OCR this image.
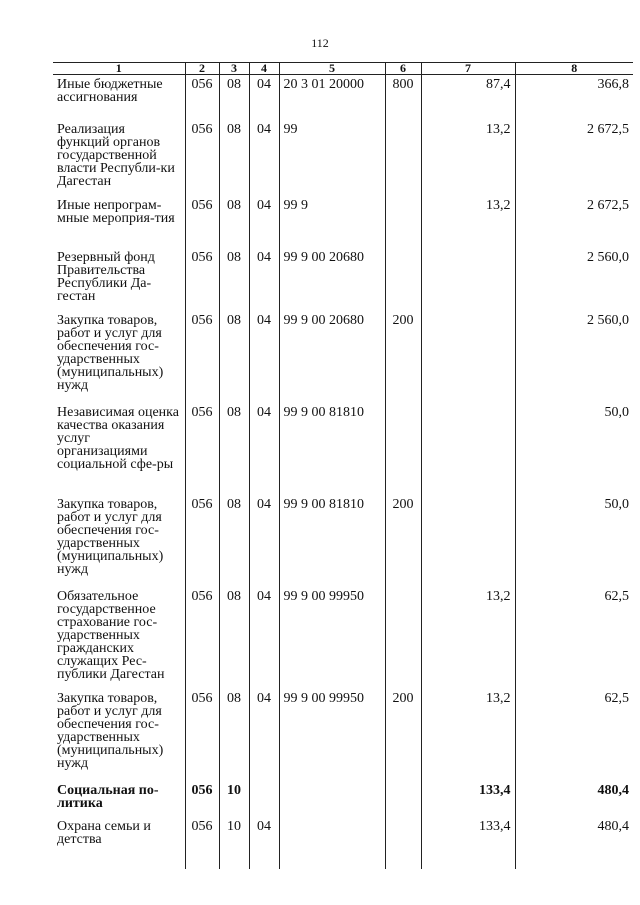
112
1	2	3	4	5	6	7	8
Иные бюджетные ассигнования	056	08	04	20 3 01 20000	800	87,4	366,8
Реализация функций органов государственной власти Республи-ки Дагестан	056	08	04	99		13,2	2 672,5
Иные непрограм-мные мероприя-тия	056	08	04	99 9		13,2	2 672,5
Резервный фонд Правительства Республики Да-гестан	056	08	04	99 9 00 20680			2 560,0
Закупка товаров, работ и услуг для обеспечения гос-ударственных (муниципальных) нужд	056	08	04	99 9 00 20680	200		2 560,0
Независимая оценка качества оказания услуг организациями социальной сфе-ры	056	08	04	99 9 00 81810			50,0
Закупка товаров, работ и услуг для обеспечения гос-ударственных (муниципальных) нужд	056	08	04	99 9 00 81810	200		50,0
Обязательное государственное страхование гос-ударственных гражданских служащих Рес-публики Дагестан	056	08	04	99 9 00 99950		13,2	62,5
Закупка товаров, работ и услуг для обеспечения гос-ударственных (муниципальных) нужд	056	08	04	99 9 00 99950	200	13,2	62,5
Социальная по-литика	056	10				133,4	480,4
Охрана семьи и детства	056	10	04			133,4	480,4
